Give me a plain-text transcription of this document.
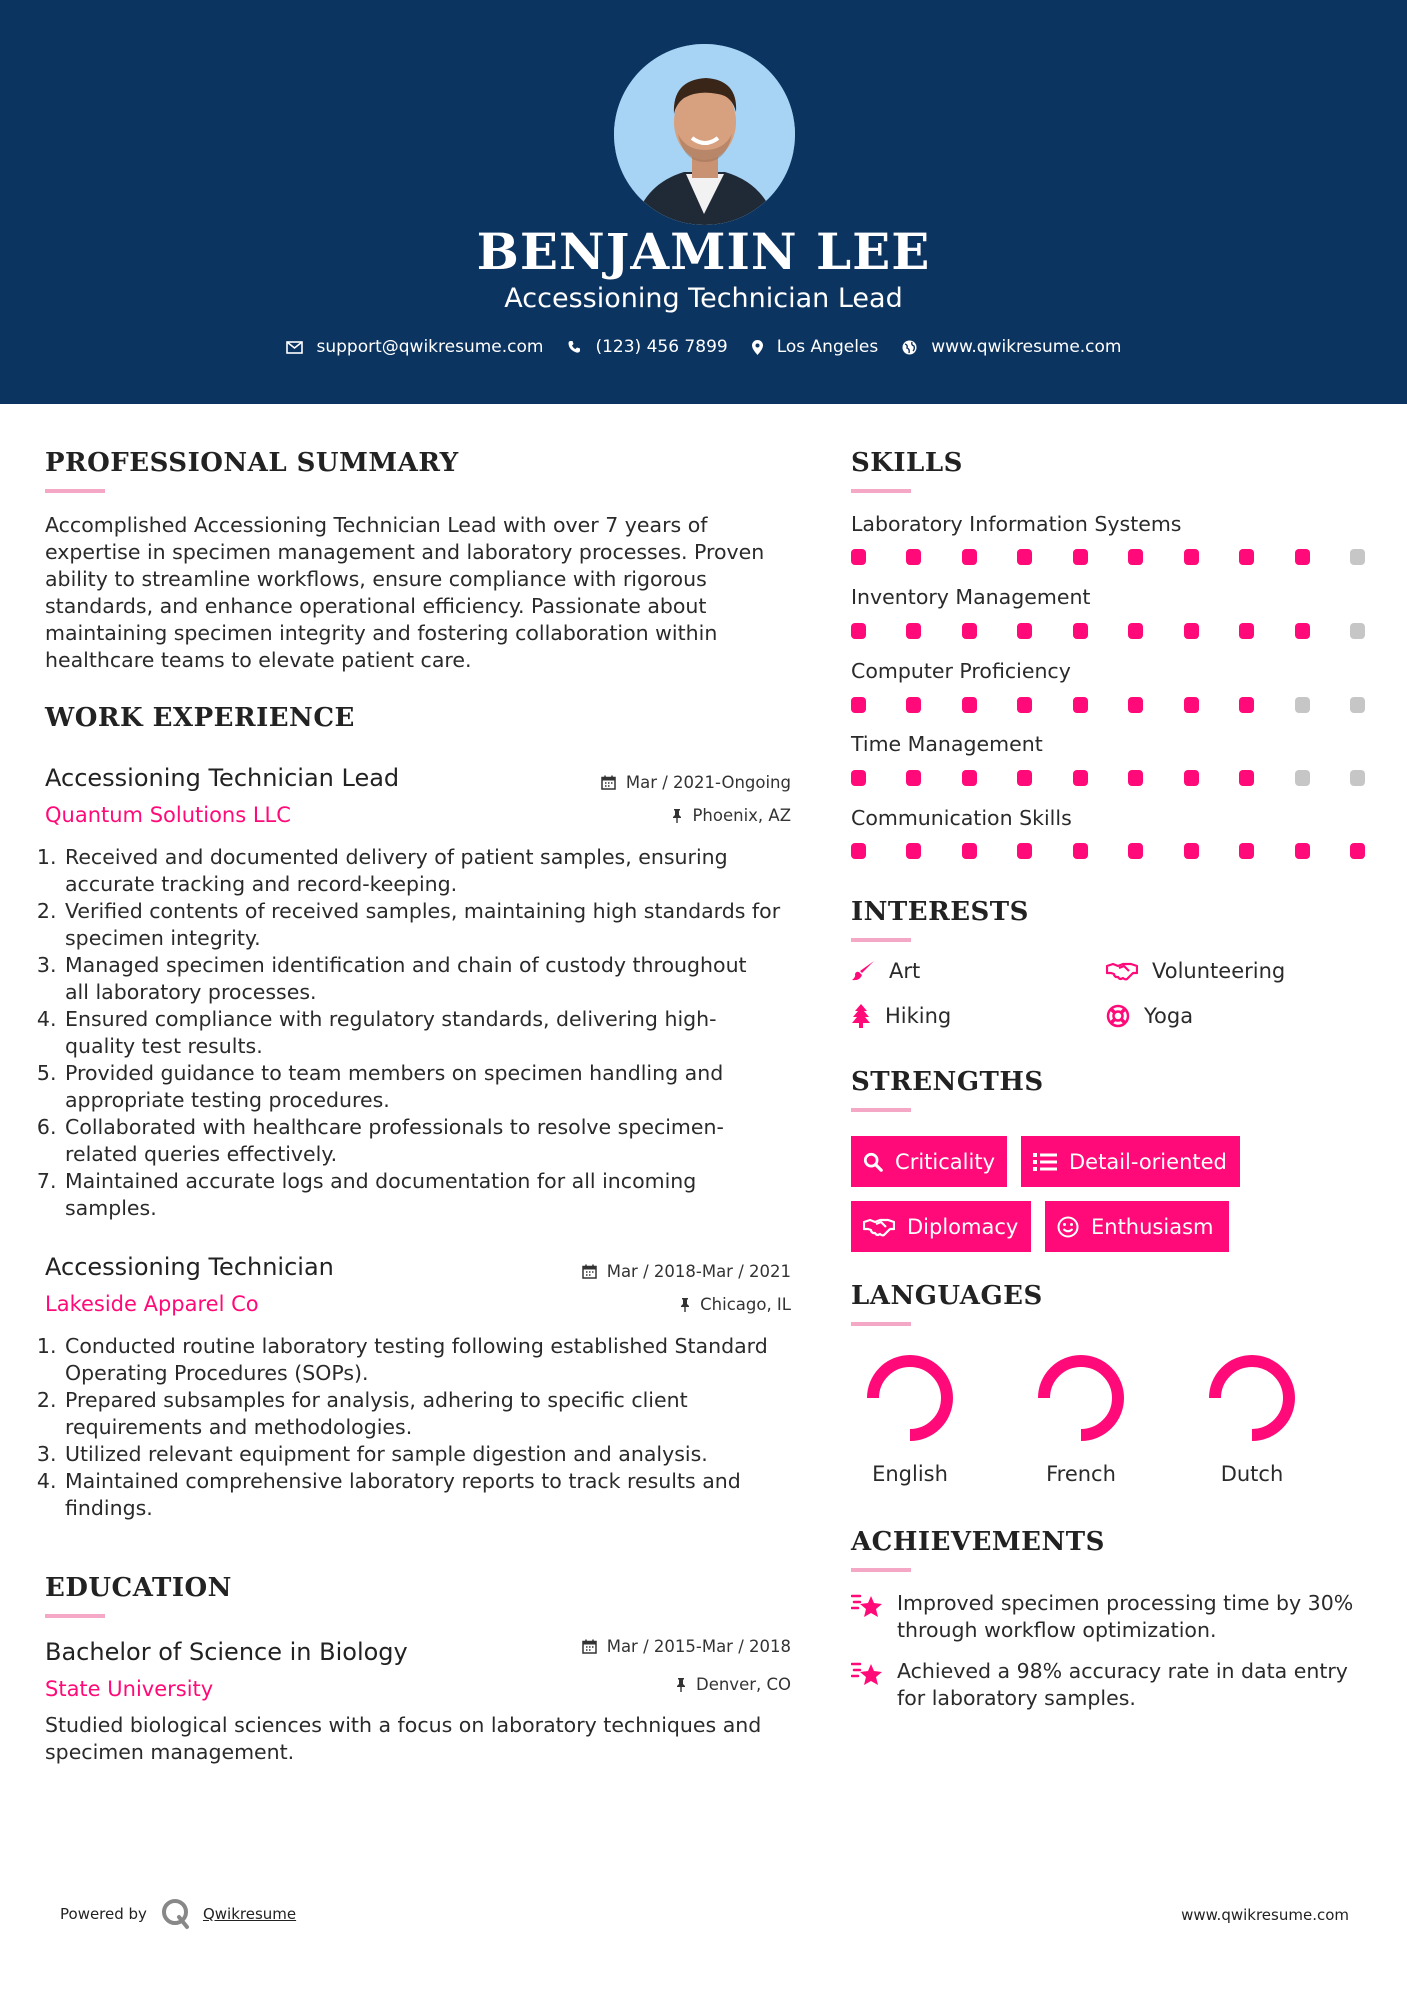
BENJAMIN LEE
Accessioning Technician Lead
support@qwikresume.com	(123) 456 7899	Los Angeles	www.qwikresume.com
PROFESSIONAL SUMMARY
Accomplished Accessioning Technician Lead with over 7 years of
expertise in specimen management and laboratory processes. Proven
ability to streamline workflows, ensure compliance with rigorous
standards, and enhance operational efficiency. Passionate about
maintaining specimen integrity and fostering collaboration within
healthcare teams to elevate patient care.
WORK EXPERIENCE
Accessioning Technician Lead
Quantum Solutions LLC
Mar / 2021-Ongoing
Phoenix, AZ
1. Received and documented delivery of patient samples, ensuring
accurate tracking and record-keeping.
2. Verified contents of received samples, maintaining high standards for
specimen integrity.
3. Managed specimen identification and chain of custody throughout
all laboratory processes.
4. Ensured compliance with regulatory standards, delivering high-
quality test results.
5. Provided guidance to team members on specimen handling and
appropriate testing procedures.
6. Collaborated with healthcare professionals to resolve specimen-
related queries effectively.
7. Maintained accurate logs and documentation for all incoming
samples.
Accessioning Technician
Lakeside Apparel Co
Mar / 2018-Mar / 2021
Chicago, IL
1. Conducted routine laboratory testing following established Standard
Operating Procedures (SOPs).
2. Prepared subsamples for analysis, adhering to specific client
requirements and methodologies.
3. Utilized relevant equipment for sample digestion and analysis.
4. Maintained comprehensive laboratory reports to track results and
findings.
EDUCATION
Bachelor of Science in Biology
State University
Mar / 2015-Mar / 2018
Denver, CO
Studied biological sciences with a focus on laboratory techniques and
specimen management.
SKILLS
Laboratory Information Systems
Inventory Management
Computer Proficiency
Time Management
Communication Skills
INTERESTS
Art	Volunteering
Hiking	Yoga
STRENGTHS
Criticality	Detail-oriented
Diplomacy	Enthusiasm
LANGUAGES
English	French	Dutch
ACHIEVEMENTS
Improved specimen processing time by 30%
through workflow optimization.
Achieved a 98% accuracy rate in data entry
for laboratory samples.
Powered by	Qwikresume	www.qwikresume.com
